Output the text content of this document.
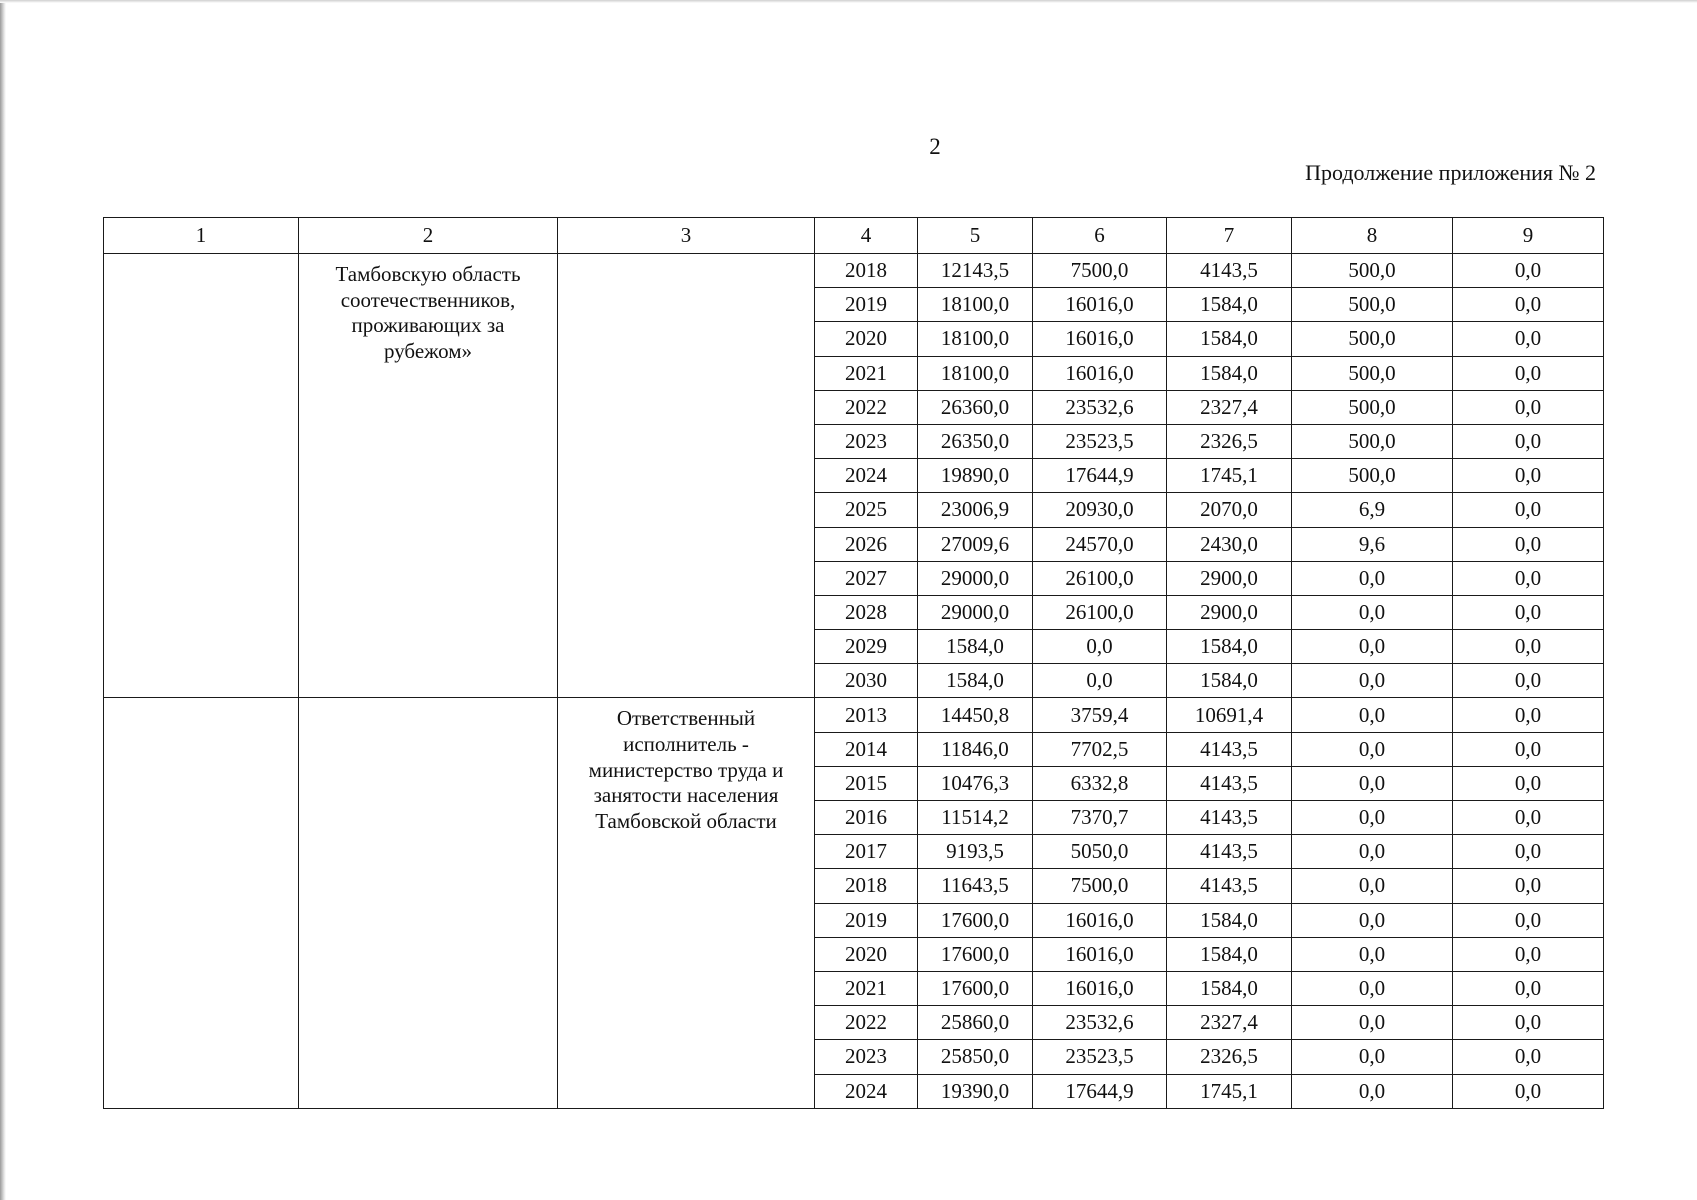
2
Продолжение приложения № 2
1	2	3	4	5	6	7	8	9
	Тамбовскую область соотечественников, проживающих за рубежом»		2018	12143,5	7500,0	4143,5	500,0	0,0
			2019	18100,0	16016,0	1584,0	500,0	0,0
			2020	18100,0	16016,0	1584,0	500,0	0,0
			2021	18100,0	16016,0	1584,0	500,0	0,0
			2022	26360,0	23532,6	2327,4	500,0	0,0
			2023	26350,0	23523,5	2326,5	500,0	0,0
			2024	19890,0	17644,9	1745,1	500,0	0,0
			2025	23006,9	20930,0	2070,0	6,9	0,0
			2026	27009,6	24570,0	2430,0	9,6	0,0
			2027	29000,0	26100,0	2900,0	0,0	0,0
			2028	29000,0	26100,0	2900,0	0,0	0,0
			2029	1584,0	0,0	1584,0	0,0	0,0
			2030	1584,0	0,0	1584,0	0,0	0,0
		Ответственный исполнитель - министерство труда и занятости населения Тамбовской области	2013	14450,8	3759,4	10691,4	0,0	0,0
			2014	11846,0	7702,5	4143,5	0,0	0,0
			2015	10476,3	6332,8	4143,5	0,0	0,0
			2016	11514,2	7370,7	4143,5	0,0	0,0
			2017	9193,5	5050,0	4143,5	0,0	0,0
			2018	11643,5	7500,0	4143,5	0,0	0,0
			2019	17600,0	16016,0	1584,0	0,0	0,0
			2020	17600,0	16016,0	1584,0	0,0	0,0
			2021	17600,0	16016,0	1584,0	0,0	0,0
			2022	25860,0	23532,6	2327,4	0,0	0,0
			2023	25850,0	23523,5	2326,5	0,0	0,0
			2024	19390,0	17644,9	1745,1	0,0	0,0
